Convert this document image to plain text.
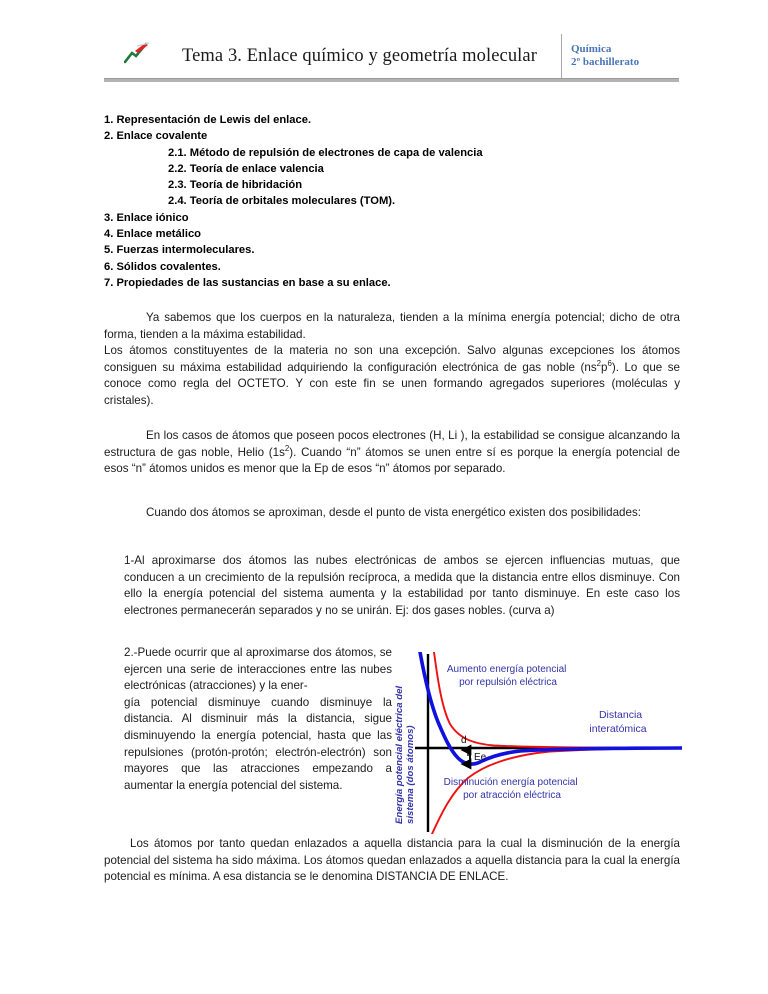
Tema 3. Enlace químico y geometría molecular	Química
2º bachillerato
1. Representación de Lewis del enlace.
2. Enlace covalente
2.1. Método de repulsión de electrones de capa de valencia
2.2. Teoría de enlace valencia
2.3. Teoría de hibridación
2.4. Teoría de orbitales moleculares (TOM).
3. Enlace iónico
4. Enlace metálico
5. Fuerzas intermoleculares.
6. Sólidos covalentes.
7. Propiedades de las sustancias en base a su enlace.

Ya sabemos que los cuerpos en la naturaleza, tienden a la mínima energía potencial; dicho de otra forma, tienden a la máxima estabilidad.

Los átomos constituyentes de la materia no son una excepción. Salvo algunas excepciones los átomos consiguen su máxima estabilidad adquiriendo la configuración electrónica de gas noble $(ns^2p^6)$. Lo que se conoce como regla del OCTETO. Y con este fin se unen formando agregados superiores (moléculas y cristales).

En los casos de átomos que poseen pocos electrones (H, Li ), la estabilidad se consigue alcanzando la estructura de gas noble, Helio $(1s^2)$. Cuando “n” átomos se unen entre sí es porque la energía potencial de esos “n” átomos unidos es menor que la Ep de esos “n” átomos por separado.

Cuando dos átomos se aproximan, desde el punto de vista energético existen dos posibilidades:

1-Al aproximarse dos átomos las nubes electrónicas de ambos se ejercen influencias mutuas, que conducen a un crecimiento de la repulsión recíproca, a medida que la distancia entre ellos disminuye. Con ello la energía potencial del sistema aumenta y la estabilidad por tanto disminuye. En este caso los electrones permanecerán separados y no se unirán. Ej: dos gases nobles. (curva a)

2.-Puede ocurrir que al aproximarse dos átomos, se ejercen una serie de interacciones entre las nubes electrónicas (atracciones) y la ener-

gía potencial disminuye cuando disminuye la distancia. Al disminuir más la distancia, sigue disminuyendo la energía potencial, hasta que las repulsiones (protón-protón; electrón-electrón) son mayores que las atracciones empezando a aumentar la energía potencial del sistema.

Los átomos por tanto quedan enlazados a aquella distancia para la cual la disminución de la energía potencial del sistema ha sido máxima. Los átomos quedan enlazados a aquella distancia para la cual la energía potencial es mínima. A esa distancia se le denomina DISTANCIA DE ENLACE.

d
Ee
Energía potencial eléctrica del sistema (dos átomos)
Aumento energía potencial por repulsión eléctrica
Disminución energía potencial por atracción eléctrica
Distancia interatómica
